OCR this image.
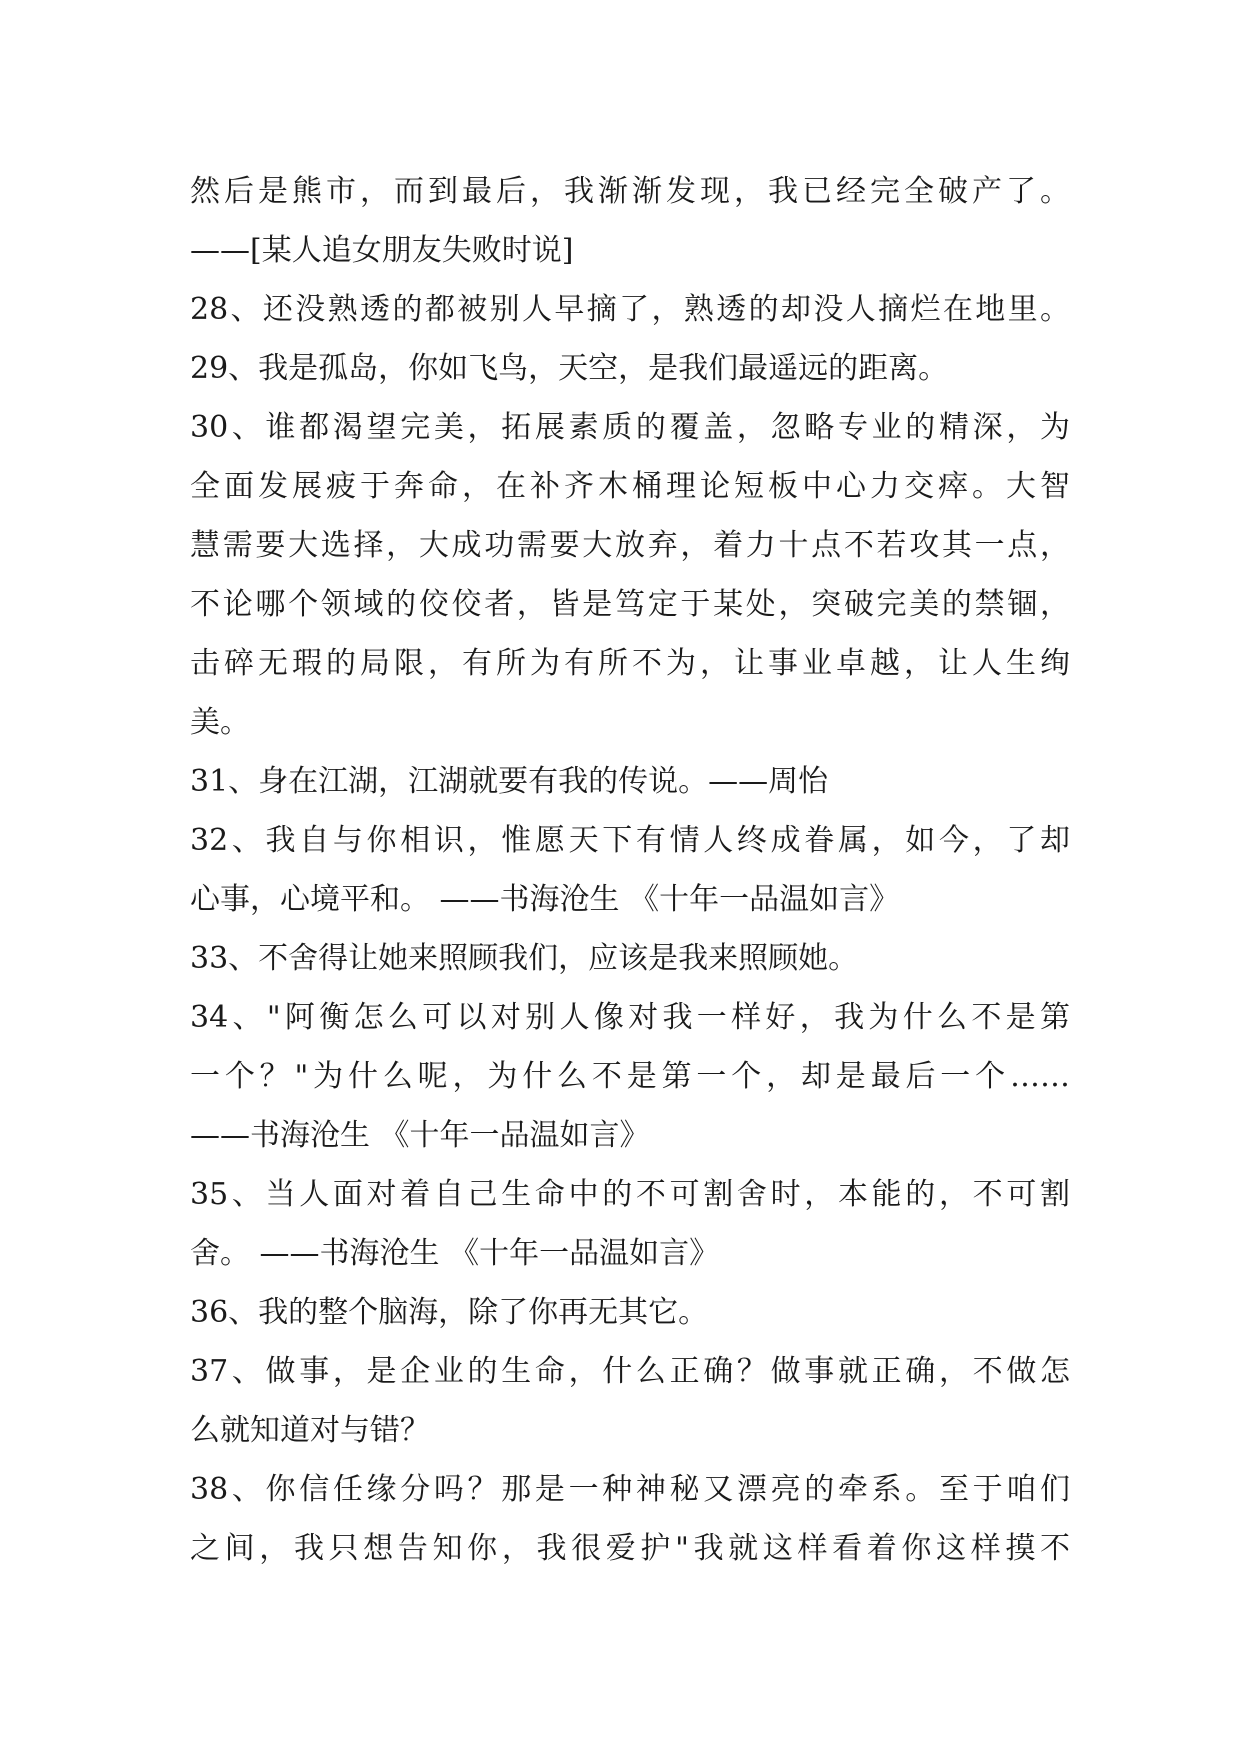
然后是熊市，而到最后，我渐渐发现，我已经完全破产了。
——[某人追女朋友失败时说]
28、还没熟透的都被别人早摘了，熟透的却没人摘烂在地里。
29、我是孤岛，你如飞鸟，天空，是我们最遥远的距离。
30、谁都渴望完美，拓展素质的覆盖，忽略专业的精深，为
全面发展疲于奔命，在补齐木桶理论短板中心力交瘁。大智
慧需要大选择，大成功需要大放弃，着力十点不若攻其一点，
不论哪个领域的佼佼者，皆是笃定于某处，突破完美的禁锢，
击碎无瑕的局限，有所为有所不为，让事业卓越，让人生绚
美。
31、身在江湖，江湖就要有我的传说。——周怡
32、我自与你相识，惟愿天下有情人终成眷属，如今，了却
心事，心境平和。 ——书海沧生 《十年一品温如言》
33、不舍得让她来照顾我们，应该是我来照顾她。
34、"阿衡怎么可以对别人像对我一样好，我为什么不是第
一个？"为什么呢，为什么不是第一个，却是最后一个……
——书海沧生 《十年一品温如言》
35、当人面对着自己生命中的不可割舍时，本能的，不可割
舍。 ——书海沧生 《十年一品温如言》
36、我的整个脑海，除了你再无其它。
37、做事，是企业的生命，什么正确？做事就正确，不做怎
么就知道对与错？
38、你信任缘分吗？那是一种神秘又漂亮的牵系。至于咱们
之间，我只想告知你，我很爱护"我就这样看着你这样摸不
